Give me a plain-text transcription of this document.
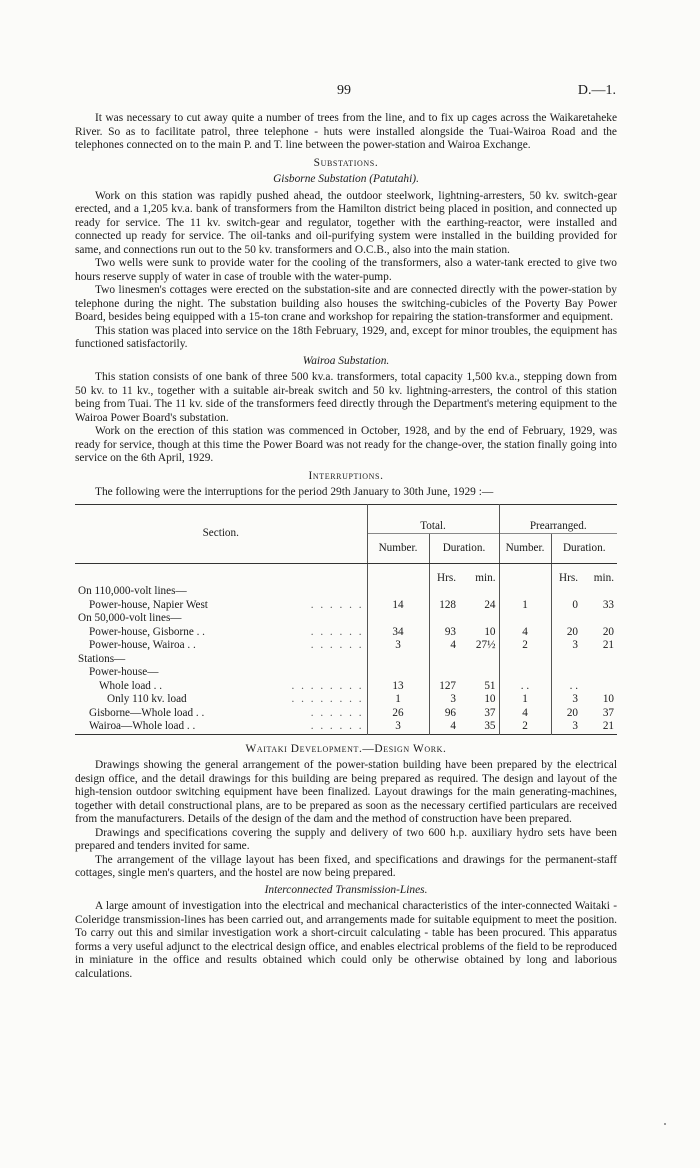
99	D.—1.

It was necessary to cut away quite a number of trees from the line, and to fix up cages across the Waikaretaheke River. So as to facilitate patrol, three telephone - huts were installed alongside the Tuai-Wairoa Road and the telephones connected on to the main P. and T. line between the power-station and Wairoa Exchange.

Substations.
Gisborne Substation (Patutahi).

Work on this station was rapidly pushed ahead, the outdoor steelwork, lightning-arresters, 50 kv. switch-gear erected, and a 1,205 kv.a. bank of transformers from the Hamilton district being placed in position, and connected up ready for service. The 11 kv. switch-gear and regulator, together with the earthing-reactor, were installed and connected up ready for service. The oil-tanks and oil-purifying system were installed in the building provided for same, and connections run out to the 50 kv. transformers and O.C.B., also into the main station.

Two wells were sunk to provide water for the cooling of the transformers, also a water-tank erected to give two hours reserve supply of water in case of trouble with the water-pump.

Two linesmen's cottages were erected on the substation-site and are connected directly with the power-station by telephone during the night. The substation building also houses the switching-cubicles of the Poverty Bay Power Board, besides being equipped with a 15-ton crane and workshop for repairing the station-transformer and equipment.

This station was placed into service on the 18th February, 1929, and, except for minor troubles, the equipment has functioned satisfactorily.

Wairoa Substation.

This station consists of one bank of three 500 kv.a. transformers, total capacity 1,500 kv.a., stepping down from 50 kv. to 11 kv., together with a suitable air-break switch and 50 kv. lightning-arresters, the control of this station being from Tuai. The 11 kv. side of the transformers feed directly through the Department's metering equipment to the Wairoa Power Board's substation.

Work on the erection of this station was commenced in October, 1928, and by the end of February, 1929, was ready for service, though at this time the Power Board was not ready for the change-over, the station finally going into service on the 6th April, 1929.

Interruptions.

The following were the interruptions for the period 29th January to 30th June, 1929 :—

Section.	Total.			Prearranged.		
	Number.	Duration.		Number.	Duration.	
		Hrs.	min.		Hrs.	min.
On 110,000-volt lines—						
Power-house, Napier West . . . . . .	14	128	24	1	0	33
On 50,000-volt lines—						
Power-house, Gisborne . . . . . . . .	34	93	10	4	20	20
Power-house, Wairoa . . . . . . . .	3	4	27½	2	3	21
Stations—						
Power-house—						
Whole load . . . . . . . . . .	13	127	51	. .	. .	
Only 110 kv. load . . . . . . . .	1	3	10	1	3	10
Gisborne—Whole load . . . . . . . .	26	96	37	4	20	37
Wairoa—Whole load . . . . . . . .	3	4	35	2	3	21

Waitaki Development.—Design Work.

Drawings showing the general arrangement of the power-station building have been prepared by the electrical design office, and the detail drawings for this building are being prepared as required. The design and layout of the high-tension outdoor switching equipment have been finalized. Layout drawings for the main generating-machines, together with detail constructional plans, are to be prepared as soon as the necessary certified particulars are received from the manufacturers. Details of the design of the dam and the method of construction have been prepared.

Drawings and specifications covering the supply and delivery of two 600 h.p. auxiliary hydro sets have been prepared and tenders invited for same.

The arrangement of the village layout has been fixed, and specifications and drawings for the permanent-staff cottages, single men's quarters, and the hostel are now being prepared.

Interconnected Transmission-Lines.

A large amount of investigation into the electrical and mechanical characteristics of the inter-connected Waitaki - Coleridge transmission-lines has been carried out, and arrangements made for suitable equipment to meet the position. To carry out this and similar investigation work a short-circuit calculating - table has been procured. This apparatus forms a very useful adjunct to the electrical design office, and enables electrical problems of the field to be reproduced in miniature in the office and results obtained which could only be otherwise obtained by long and laborious calculations.
